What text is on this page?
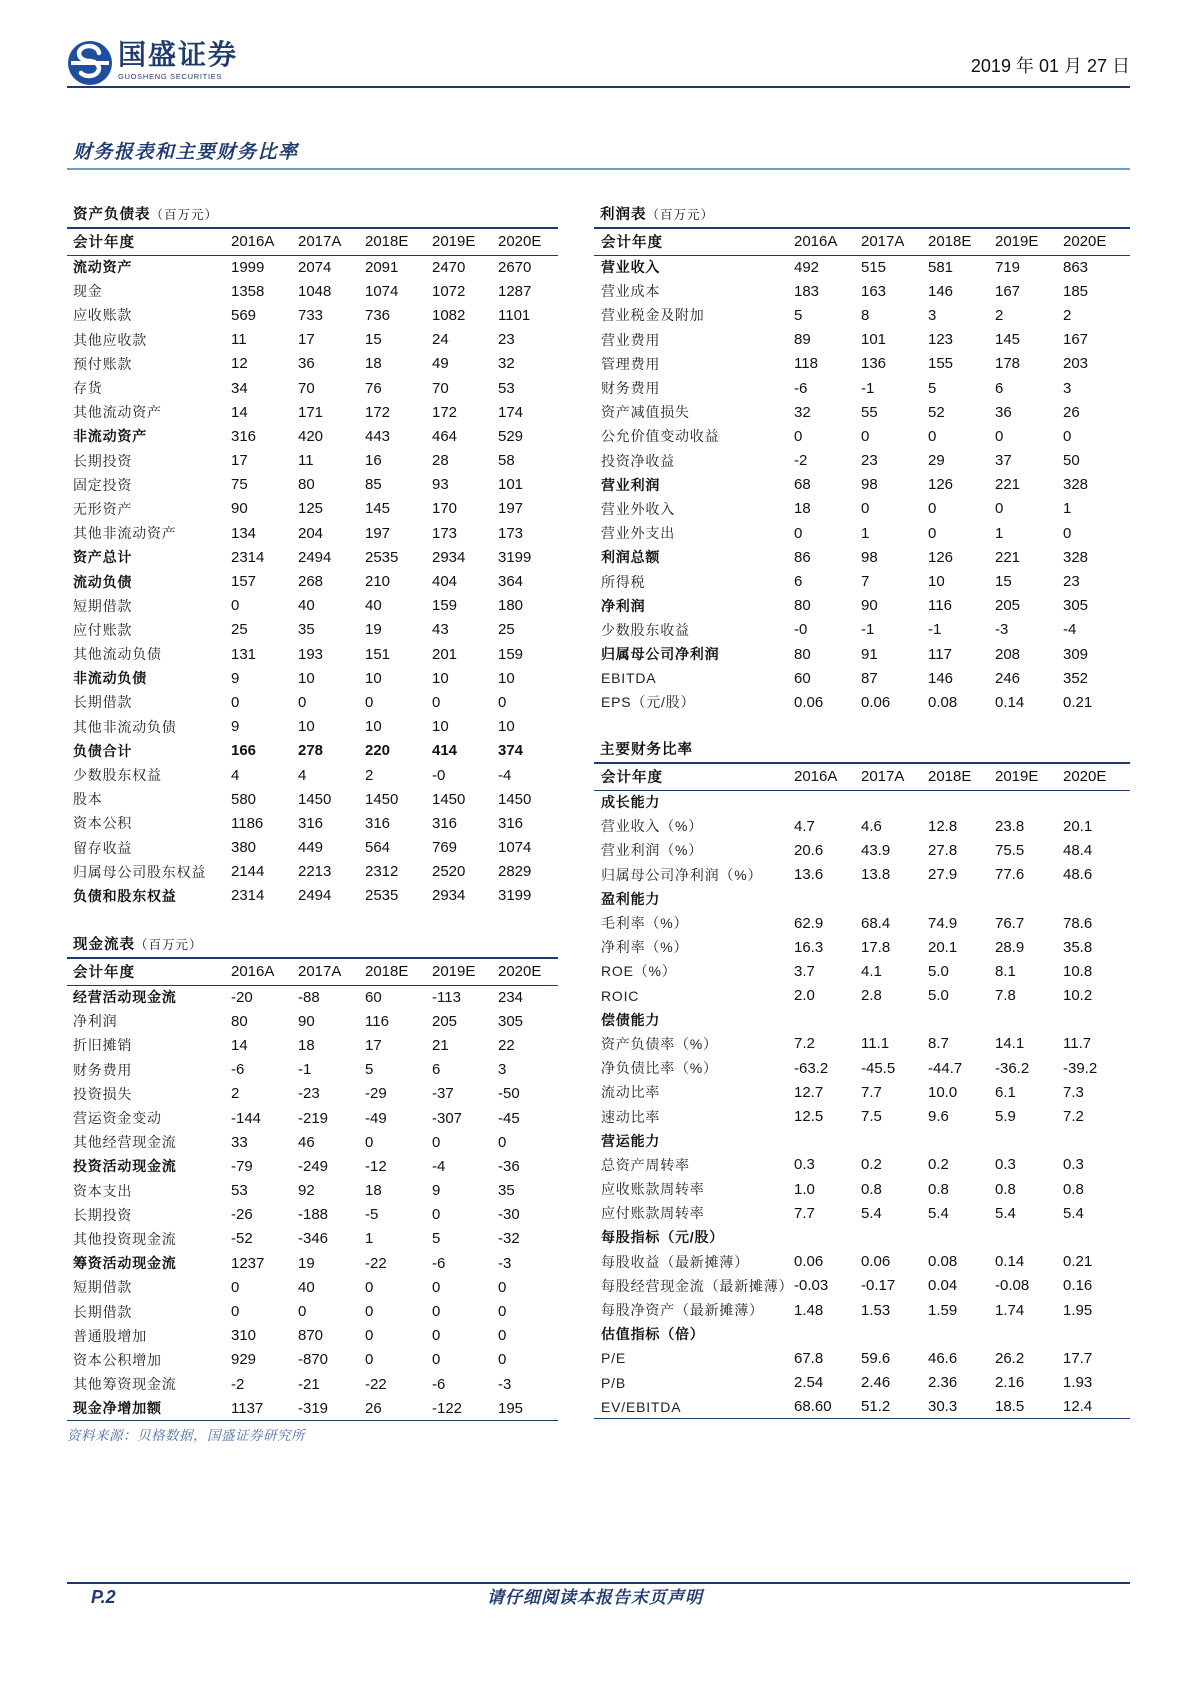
国盛证券
GUOSHENG SECURITIES
2019 年 01 月 27 日
财务报表和主要财务比率
资产负债表（百万元）
会计年度	2016A	2017A	2018E	2019E	2020E
流动资产	1999	2074	2091	2470	2670
现金	1358	1048	1074	1072	1287
应收账款	569	733	736	1082	1101
其他应收款	11	17	15	24	23
预付账款	12	36	18	49	32
存货	34	70	76	70	53
其他流动资产	14	171	172	172	174
非流动资产	316	420	443	464	529
长期投资	17	11	16	28	58
固定投资	75	80	85	93	101
无形资产	90	125	145	170	197
其他非流动资产	134	204	197	173	173
资产总计	2314	2494	2535	2934	3199
流动负债	157	268	210	404	364
短期借款	0	40	40	159	180
应付账款	25	35	19	43	25
其他流动负债	131	193	151	201	159
非流动负债	9	10	10	10	10
长期借款	0	0	0	0	0
其他非流动负债	9	10	10	10	10
负债合计	166	278	220	414	374
少数股东权益	4	4	2	-0	-4
股本	580	1450	1450	1450	1450
资本公积	1186	316	316	316	316
留存收益	380	449	564	769	1074
归属母公司股东权益	2144	2213	2312	2520	2829
负债和股东权益	2314	2494	2535	2934	3199
现金流表（百万元）
会计年度	2016A	2017A	2018E	2019E	2020E
经营活动现金流	-20	-88	60	-113	234
净利润	80	90	116	205	305
折旧摊销	14	18	17	21	22
财务费用	-6	-1	5	6	3
投资损失	2	-23	-29	-37	-50
营运资金变动	-144	-219	-49	-307	-45
其他经营现金流	33	46	0	0	0
投资活动现金流	-79	-249	-12	-4	-36
资本支出	53	92	18	9	35
长期投资	-26	-188	-5	0	-30
其他投资现金流	-52	-346	1	5	-32
筹资活动现金流	1237	19	-22	-6	-3
短期借款	0	40	0	0	0
长期借款	0	0	0	0	0
普通股增加	310	870	0	0	0
资本公积增加	929	-870	0	0	0
其他筹资现金流	-2	-21	-22	-6	-3
现金净增加额	1137	-319	26	-122	195
利润表（百万元）
会计年度	2016A	2017A	2018E	2019E	2020E
营业收入	492	515	581	719	863
营业成本	183	163	146	167	185
营业税金及附加	5	8	3	2	2
营业费用	89	101	123	145	167
管理费用	118	136	155	178	203
财务费用	-6	-1	5	6	3
资产减值损失	32	55	52	36	26
公允价值变动收益	0	0	0	0	0
投资净收益	-2	23	29	37	50
营业利润	68	98	126	221	328
营业外收入	18	0	0	0	1
营业外支出	0	1	0	1	0
利润总额	86	98	126	221	328
所得税	6	7	10	15	23
净利润	80	90	116	205	305
少数股东收益	-0	-1	-1	-3	-4
归属母公司净利润	80	91	117	208	309
EBITDA	60	87	146	246	352
EPS（元/股）	0.06	0.06	0.08	0.14	0.21
主要财务比率
会计年度	2016A	2017A	2018E	2019E	2020E
成长能力					
营业收入（%）	4.7	4.6	12.8	23.8	20.1
营业利润（%）	20.6	43.9	27.8	75.5	48.4
归属母公司净利润（%）	13.6	13.8	27.9	77.6	48.6
盈利能力					
毛利率（%）	62.9	68.4	74.9	76.7	78.6
净利率（%）	16.3	17.8	20.1	28.9	35.8
ROE（%）	3.7	4.1	5.0	8.1	10.8
ROIC	2.0	2.8	5.0	7.8	10.2
偿债能力					
资产负债率（%）	7.2	11.1	8.7	14.1	11.7
净负债比率（%）	-63.2	-45.5	-44.7	-36.2	-39.2
流动比率	12.7	7.7	10.0	6.1	7.3
速动比率	12.5	7.5	9.6	5.9	7.2
营运能力					
总资产周转率	0.3	0.2	0.2	0.3	0.3
应收账款周转率	1.0	0.8	0.8	0.8	0.8
应付账款周转率	7.7	5.4	5.4	5.4	5.4
每股指标（元/股）					
每股收益（最新摊薄）	0.06	0.06	0.08	0.14	0.21
每股经营现金流（最新摊薄）	-0.03	-0.17	0.04	-0.08	0.16
每股净资产（最新摊薄）	1.48	1.53	1.59	1.74	1.95
估值指标（倍）					
P/E	67.8	59.6	46.6	26.2	17.7
P/B	2.54	2.46	2.36	2.16	1.93
EV/EBITDA	68.60	51.2	30.3	18.5	12.4
资料来源：贝格数据，国盛证券研究所
P.2	请仔细阅读本报告末页声明
